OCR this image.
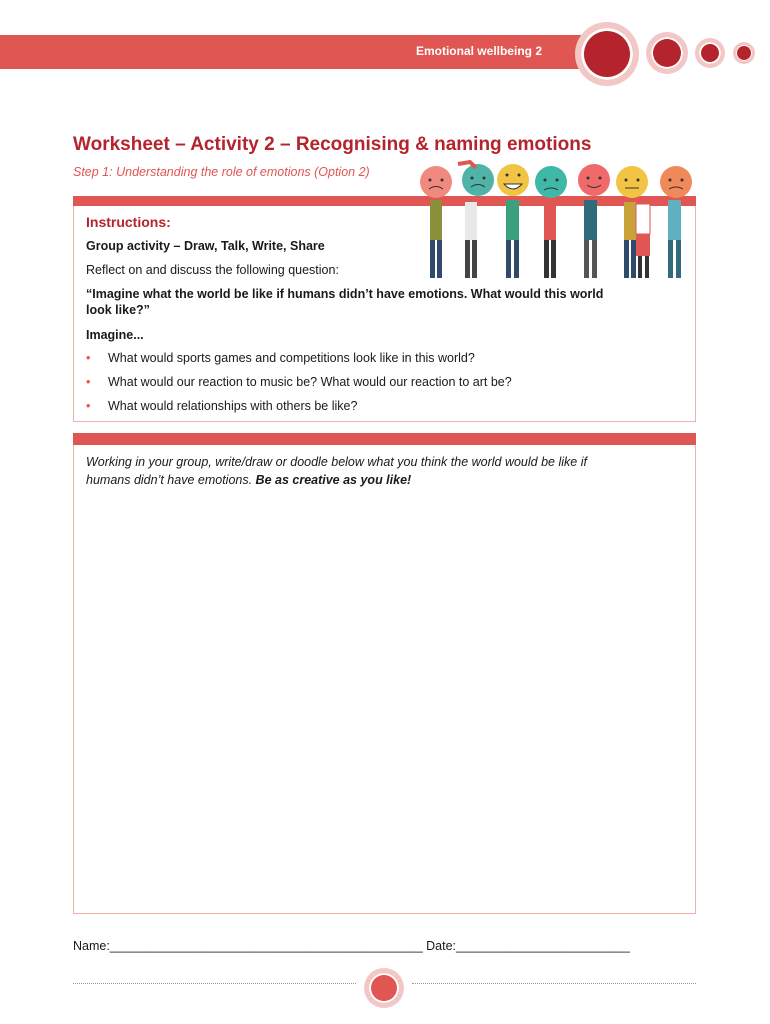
Emotional wellbeing 2
Worksheet – Activity 2 – Recognising & naming emotions
Step 1: Understanding the role of emotions (Option 2)
Instructions:
Group activity – Draw, Talk, Write, Share
Reflect on and discuss the following question:
“Imagine what the world be like if humans didn’t have emotions. What would this world
look like?”
Imagine...
• What would sports games and competitions look like in this world?
• What would our reaction to music be? What would our reaction to art be?
• What would relationships with others be like?
Working in your group, write/draw or doodle below what you think the world would be like if
humans didn’t have emotions. Be as creative as you like!
Name:_____________________________________________ Date:_________________________
